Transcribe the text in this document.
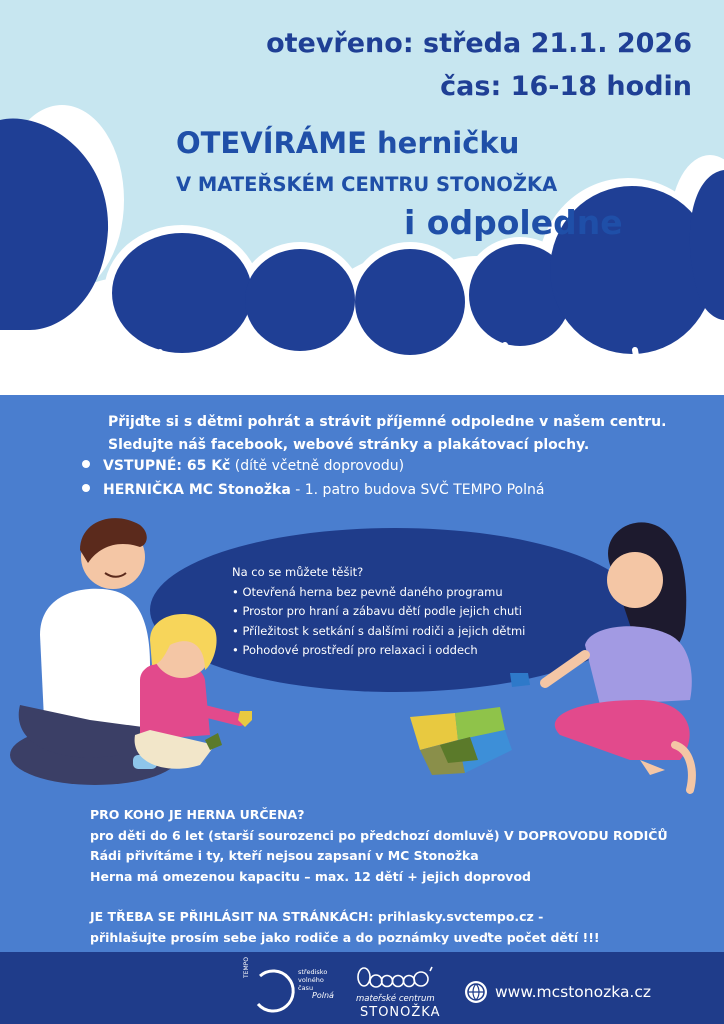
otevřeno: středa 21.1. 2026
čas: 16-18 hodin
OTEVÍRÁME herničku
V MATEŘSKÉM CENTRU STONOŽKA
i odpoledne
Přijďte si s dětmi pohrát a strávit příjemné odpoledne v našem centru.
Sledujte náš facebook, webové stránky a plakátovací plochy.
VSTUPNÉ: 65 Kč (dítě včetně doprovodu)
HERNIČKA MC Stonožka - 1. patro budova SVČ TEMPO Polná
Na co se můžete těšit?
• Otevřená herna bez pevně daného programu
• Prostor pro hraní a zábavu dětí podle jejich chuti
• Příležitost k setkání s dalšími rodiči a jejich dětmi
• Pohodové prostředí pro relaxaci i oddech
PRO KOHO JE HERNA URČENA?
pro děti do 6 let (starší sourozenci po předchozí domluvě) V DOPROVODU RODIČŮ
Rádi přivítáme i ty, kteří nejsou zapsaní v MC Stonožka
Herna má omezenou kapacitu – max. 12 dětí + jejich doprovod
JE TŘEBA SE PŘIHLÁSIT NA STRÁNKÁCH: prihlasky.svctempo.cz -
přihlašujte prosím sebe jako rodiče a do poznámky uveďte počet dětí !!!
TEMPO	středisko
volného
času
Polná	mateřské centrum
STONOŽKA
www.mcstonozka.cz
